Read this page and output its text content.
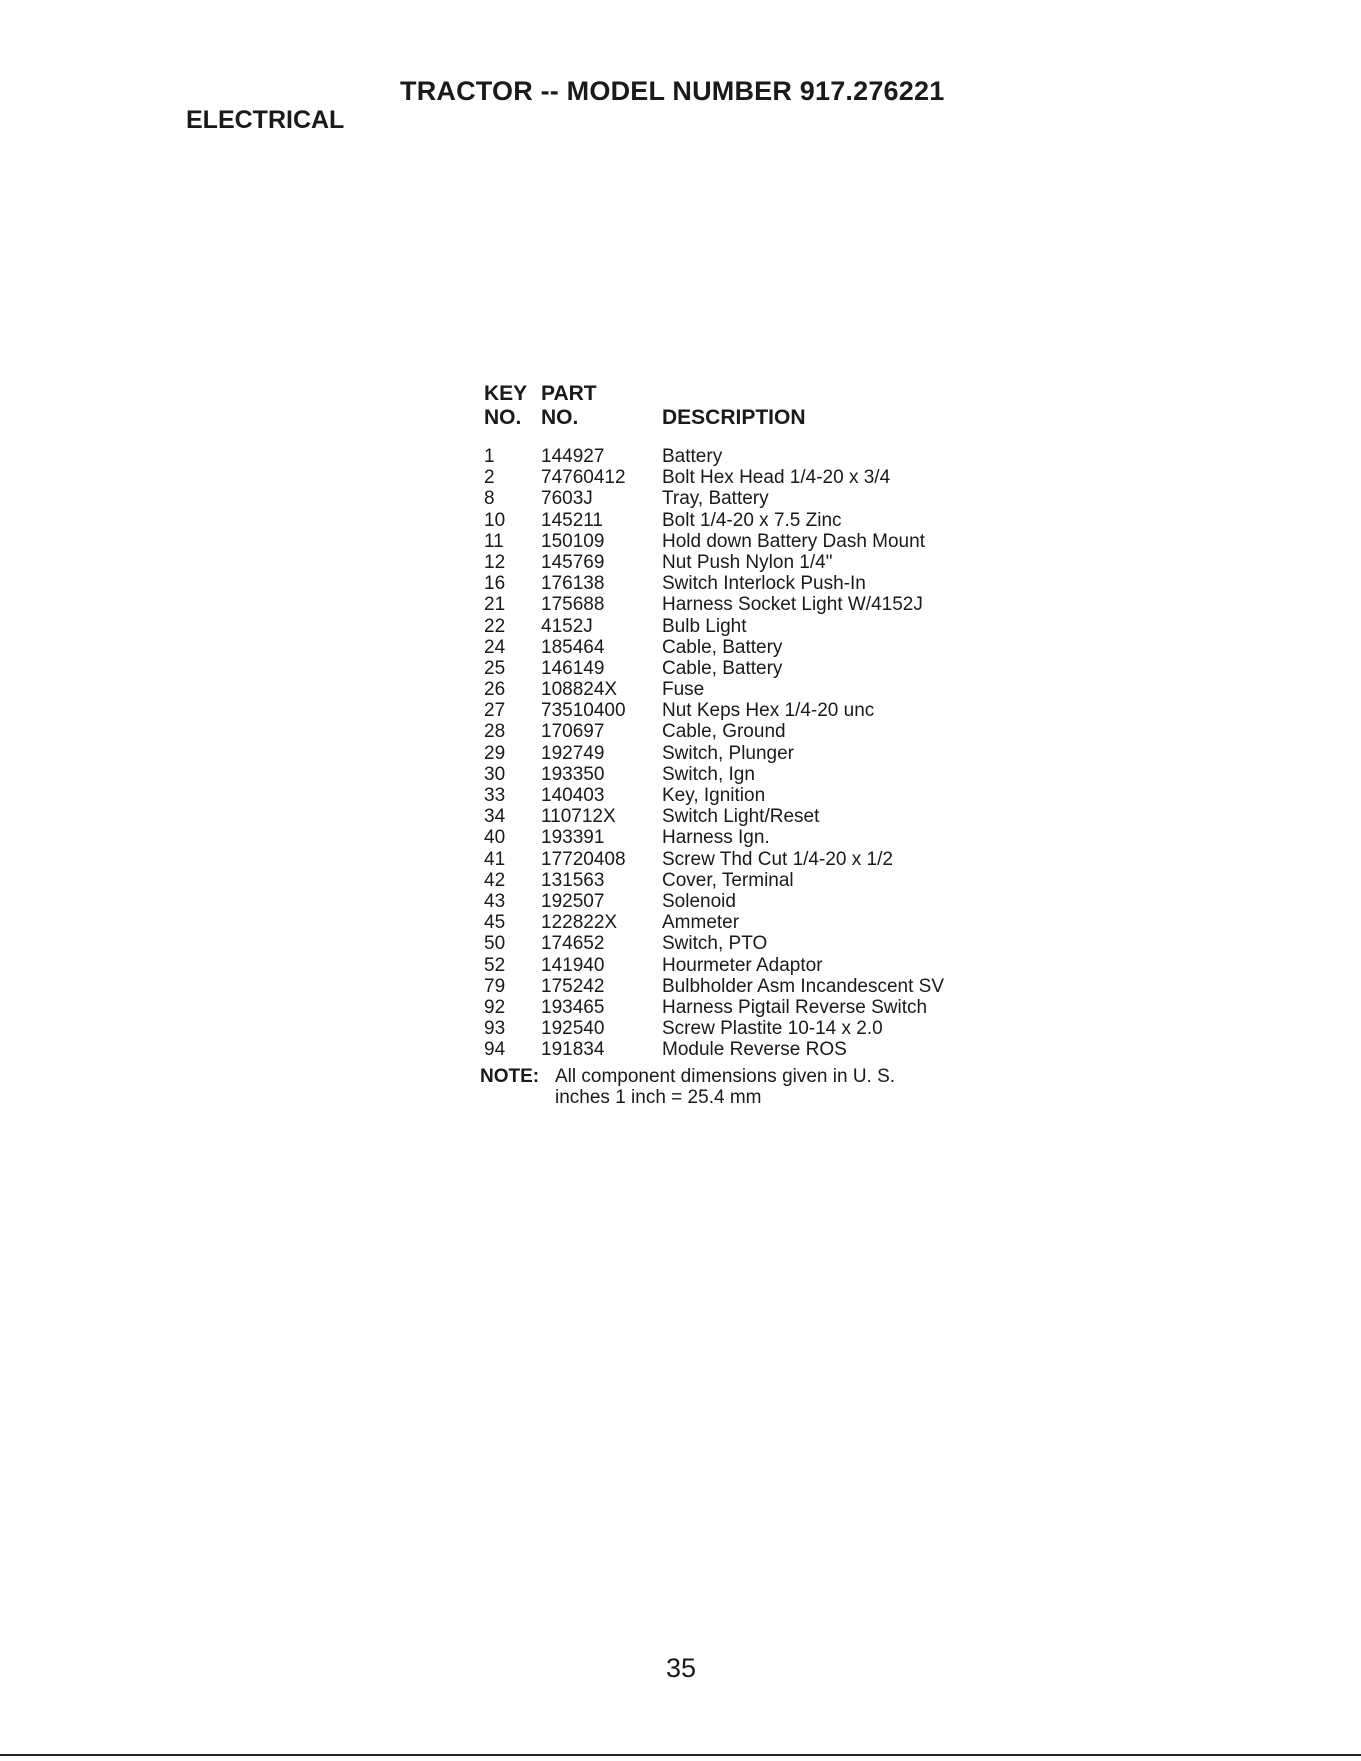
TRACTOR -- MODEL NUMBER 917.276221
ELECTRICAL
KEY
NO.
PART
NO.	DESCRIPTION
1 144927	Battery
2 74760412 Bolt Hex Head 1/4-20 x 3/4
8 7603J	Tray, Battery
10 145211	Bolt 1/4-20 x 7.5 Zinc
11 150109	Hold down Battery Dash Mount
12 145769	Nut Push Nylon 1/4"
16 176138	Switch Interlock Push-In
21 175688	Harness Socket Light W/4152J
22 4152J	Bulb Light
24 185464	Cable, Battery
25 146149	Cable, Battery
26 108824X Fuse
27 73510400 Nut Keps Hex 1/4-20 unc
28 170697	Cable, Ground
29 192749	Switch, Plunger
30 193350	Switch, Ign
33 140403	Key, Ignition
34 110712X Switch Light/Reset
40 193391	Harness Ign.
41 17720408 Screw Thd Cut 1/4-20 x 1/2
42 131563	Cover, Terminal
43 192507	Solenoid
45 122822X Ammeter
50 174652	Switch, PTO
52 141940	Hourmeter Adaptor
79 175242	Bulbholder Asm Incandescent SV
92 193465	Harness Pigtail Reverse Switch
93 192540	Screw Plastite 10-14 x 2.0
94 191834	Module Reverse ROS
NOTE: All component dimensions given in U. S.
inches 1 inch = 25.4 mm
35
